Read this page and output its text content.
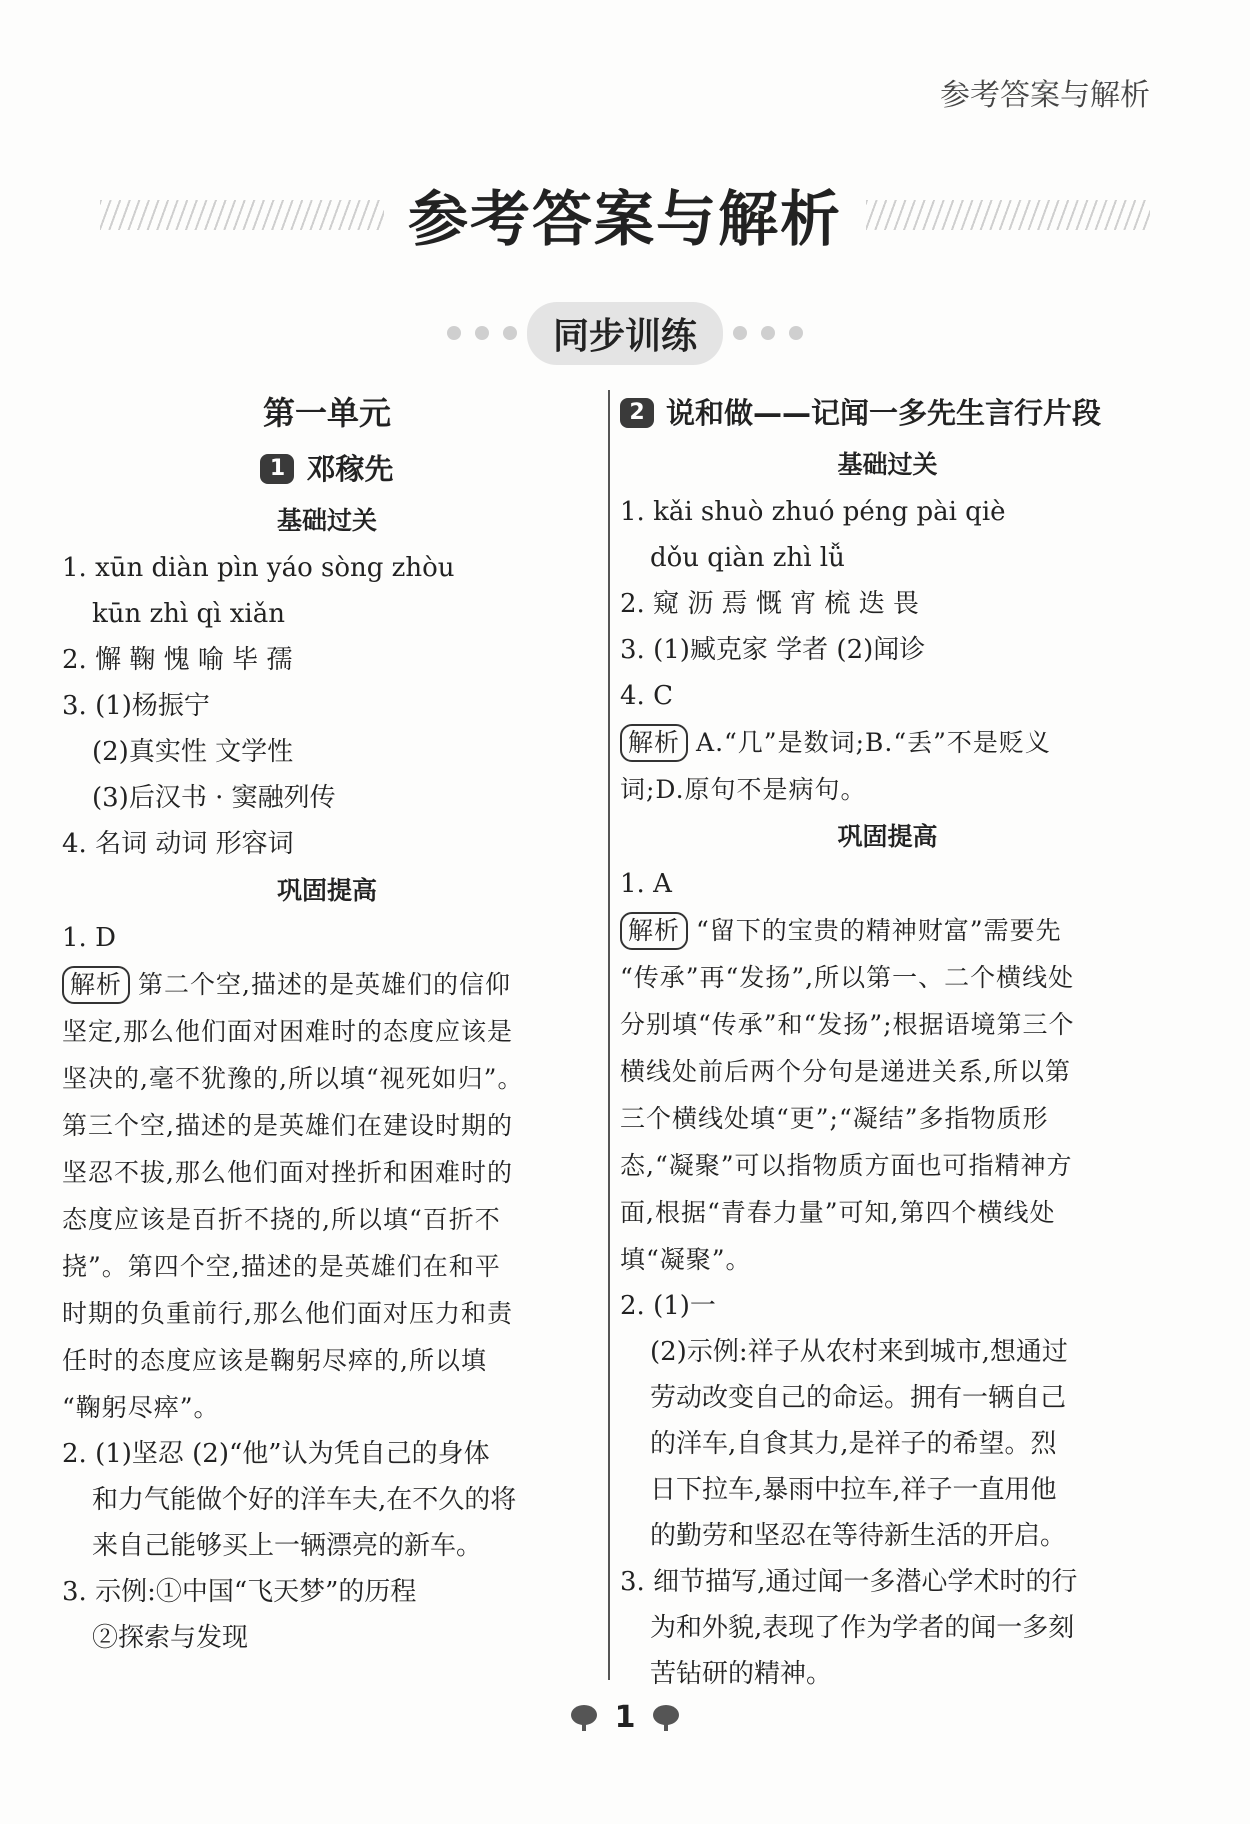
参考答案与解析
参考答案与解析
同步训练
第一单元
1 邓稼先
基础过关
1. xūn diàn pìn yáo sòng zhòu
kūn zhì qì xiǎn
2. 懈 鞠 愧 喻 毕 孺
3. (1)杨振宁
(2)真实性 文学性
(3)后汉书 · 窦融列传
4. 名词 动词 形容词
巩固提高
1. D
解析 第二个空,描述的是英雄们的信仰
坚定,那么他们面对困难时的态度应该是
坚决的,毫不犹豫的,所以填“视死如归”。
第三个空,描述的是英雄们在建设时期的
坚忍不拔,那么他们面对挫折和困难时的
态度应该是百折不挠的,所以填“百折不
挠”。第四个空,描述的是英雄们在和平
时期的负重前行,那么他们面对压力和责
任时的态度应该是鞠躬尽瘁的,所以填
“鞠躬尽瘁”。
2. (1)坚忍 (2)“他”认为凭自己的身体
和力气能做个好的洋车夫,在不久的将
来自己能够买上一辆漂亮的新车。
3. 示例:①中国“飞天梦”的历程
②探索与发现
2 说和做——记闻一多先生言行片段
基础过关
1. kǎi shuò zhuó péng pài qiè
dǒu qiàn zhì lǚ
2. 窥 沥 焉 慨 宵 梳 迭 畏
3. (1)臧克家 学者 (2)闻诊
4. C
解析 A.“几”是数词;B.“丢”不是贬义
词;D.原句不是病句。
巩固提高
1. A
解析 “留下的宝贵的精神财富”需要先
“传承”再“发扬”,所以第一、二个横线处
分别填“传承”和“发扬”;根据语境第三个
横线处前后两个分句是递进关系,所以第
三个横线处填“更”;“凝结”多指物质形
态,“凝聚”可以指物质方面也可指精神方
面,根据“青春力量”可知,第四个横线处
填“凝聚”。
2. (1)一
(2)示例:祥子从农村来到城市,想通过
劳动改变自己的命运。拥有一辆自己
的洋车,自食其力,是祥子的希望。烈
日下拉车,暴雨中拉车,祥子一直用他
的勤劳和坚忍在等待新生活的开启。
3. 细节描写,通过闻一多潜心学术时的行
为和外貌,表现了作为学者的闻一多刻
苦钻研的精神。
1
